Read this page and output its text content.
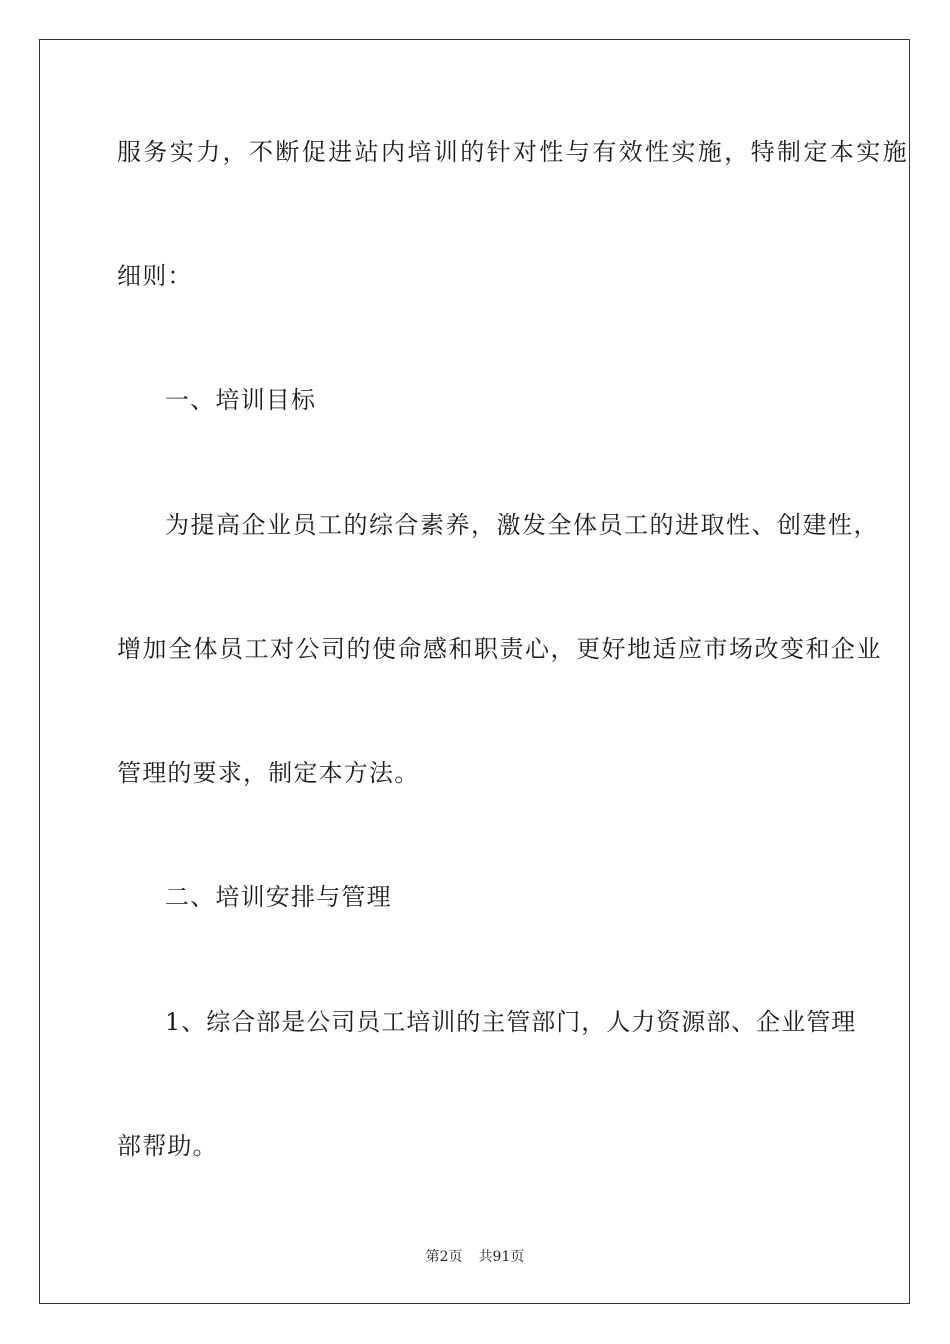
服务实力，不断促进站内培训的针对性与有效性实施，特制定本实施
细则：
一、培训目标
为提高企业员工的综合素养，激发全体员工的进取性、创建性，
增加全体员工对公司的使命感和职责心，更好地适应市场改变和企业
管理的要求，制定本方法。
二、培训安排与管理
1、综合部是公司员工培训的主管部门，人力资源部、企业管理
部帮助。
第2页 共91页
